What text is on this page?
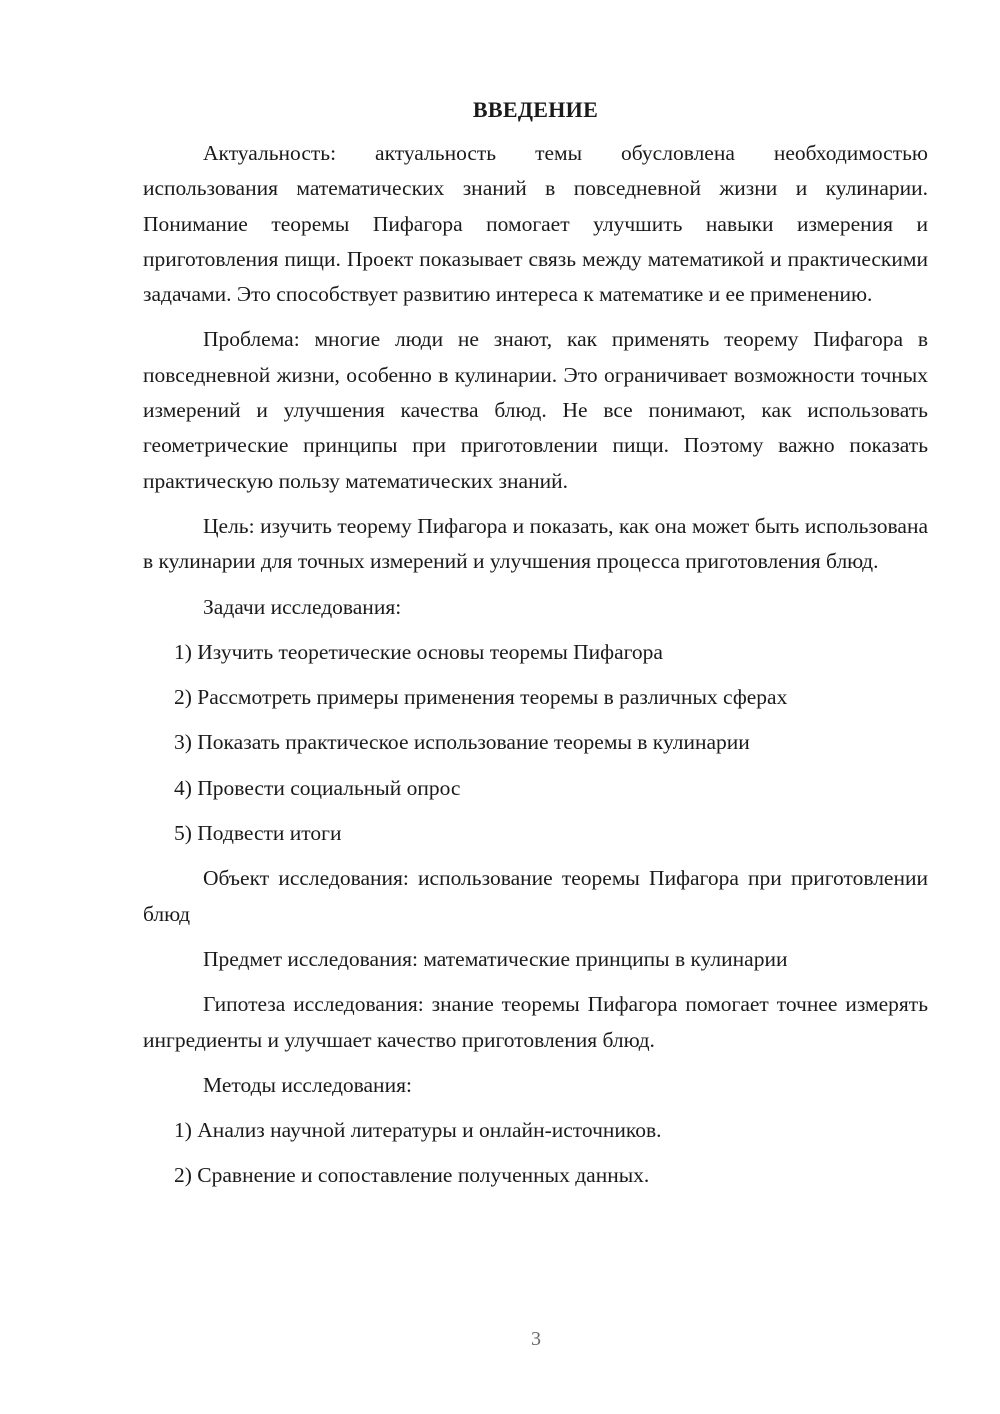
ВВЕДЕНИЕ

Актуальность: актуальность темы обусловлена необходимостью использования математических знаний в повседневной жизни и кулинарии. Понимание теоремы Пифагора помогает улучшить навыки измерения и приготовления пищи. Проект показывает связь между математикой и практическими задачами. Это способствует развитию интереса к математике и ее применению.

Проблема: многие люди не знают, как применять теорему Пифагора в повседневной жизни, особенно в кулинарии. Это ограничивает возможности точных измерений и улучшения качества блюд. Не все понимают, как использовать геометрические принципы при приготовлении пищи. Поэтому важно показать практическую пользу математических знаний.

Цель: изучить теорему Пифагора и показать, как она может быть использована в кулинарии для точных измерений и улучшения процесса приготовления блюд.

Задачи исследования:

1) Изучить теоретические основы теоремы Пифагора
2) Рассмотреть примеры применения теоремы в различных сферах
3) Показать практическое использование теоремы в кулинарии
4) Провести социальный опрос
5) Подвести итоги

Объект исследования: использование теоремы Пифагора при приготовлении блюд

Предмет исследования: математические принципы в кулинарии

Гипотеза исследования: знание теоремы Пифагора помогает точнее измерять ингредиенты и улучшает качество приготовления блюд.

Методы исследования:

1) Анализ научной литературы и онлайн-источников.
2) Сравнение и сопоставление полученных данных.
3
